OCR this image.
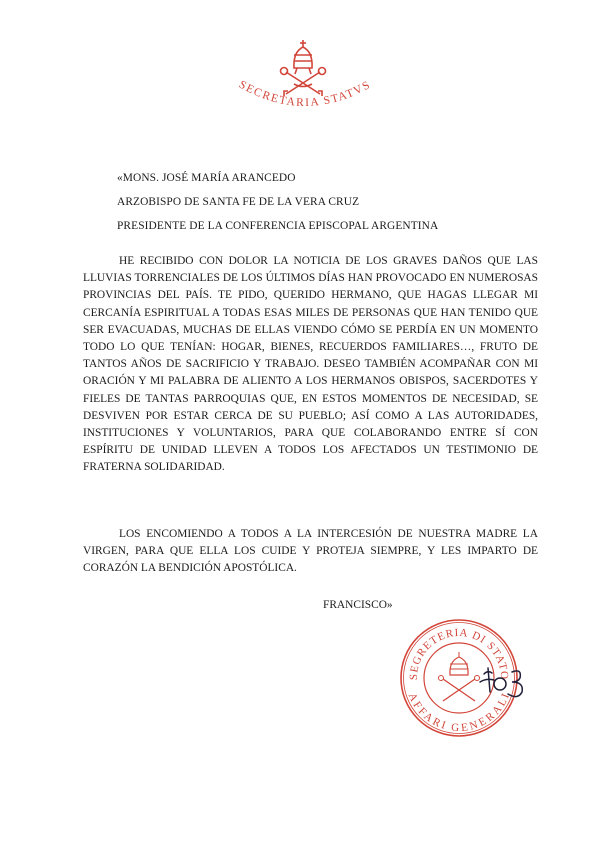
SECRETARIA STATVS
«MONS. JOSÉ MARÍA ARANCEDO
ARZOBISPO DE SANTA FE DE LA VERA CRUZ
PRESIDENTE DE LA CONFERENCIA EPISCOPAL ARGENTINA
HE RECIBIDO CON DOLOR LA NOTICIA DE LOS GRAVES DAÑOS QUE LAS LLUVIAS TORRENCIALES DE LOS ÚLTIMOS DÍAS HAN PROVOCADO EN NUMEROSAS PROVINCIAS DEL PAÍS. TE PIDO, QUERIDO HERMANO, QUE HAGAS LLEGAR MI CERCANÍA ESPIRITUAL A TODAS ESAS MILES DE PERSONAS QUE HAN TENIDO QUE SER EVACUADAS, MUCHAS DE ELLAS VIENDO CÓMO SE PERDÍA EN UN MOMENTO TODO LO QUE TENÍAN: HOGAR, BIENES, RECUERDOS FAMILIARES…, FRUTO DE TANTOS AÑOS DE SACRIFICIO Y TRABAJO. DESEO TAMBIÉN ACOMPAÑAR CON MI ORACIÓN Y MI PALABRA DE ALIENTO A LOS HERMANOS OBISPOS, SACERDOTES Y FIELES DE TANTAS PARROQUIAS QUE, EN ESTOS MOMENTOS DE NECESIDAD, SE DESVIVEN POR ESTAR CERCA DE SU PUEBLO; ASÍ COMO A LAS AUTORIDADES, INSTITUCIONES Y VOLUNTARIOS, PARA QUE COLABORANDO ENTRE SÍ CON ESPÍRITU DE UNIDAD LLEVEN A TODOS LOS AFECTADOS UN TESTIMONIO DE FRATERNA SOLIDARIDAD.
LOS ENCOMIENDO A TODOS A LA INTERCESIÓN DE NUESTRA MADRE LA VIRGEN, PARA QUE ELLA LOS CUIDE Y PROTEJA SIEMPRE, Y LES IMPARTO DE CORAZÓN LA BENDICIÓN APOSTÓLICA.
FRANCISCO»
SEGRETERIA DI STATO
AFFARI GENERALI
